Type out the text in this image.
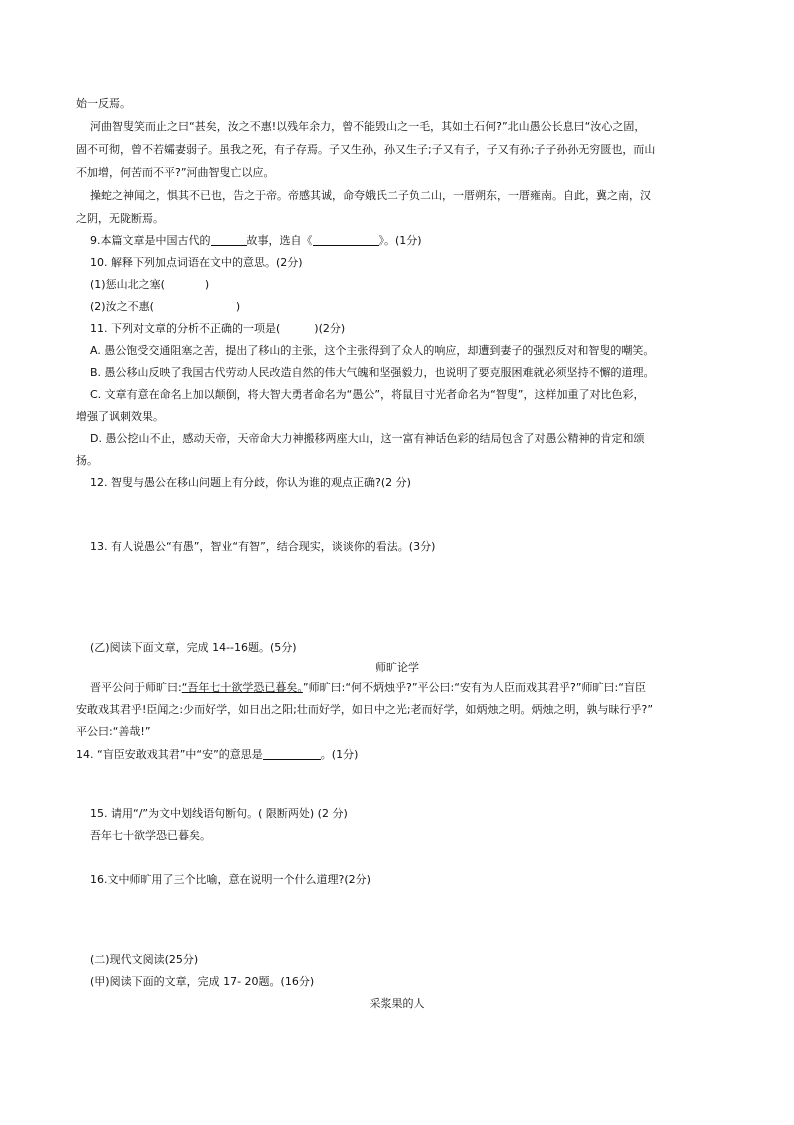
始一反焉。
河曲智叟笑而止之曰“甚矣，汝之不惠!以残年余力，曾不能毁山之一毛，其如土石何?”北山愚公长息曰“汝心之固，
固不可彻，曾不若孀妻弱子。虽我之死，有子存焉。子又生孙，孙又生子;子又有子，子又有孙;子子孙孙无穷匮也，而山
不加增，何苦而不平?”河曲智叟亡以应。
操蛇之神闻之，惧其不已也，告之于帝。帝感其诚，命夸娥氏二子负二山，一厝朔东，一厝雍南。自此，冀之南，汉
之阴，无陇断焉。
9.本篇文章是中国古代的	故事，选自《	》。(1分)
10. 解释下列加点词语在文中的意思。(2分)
(1)惩山北之塞(	)
(2)汝之不惠(	)
11. 下列对文章的分析不正确的一项是(	)(2分)
A. 愚公饱受交通阻塞之苦，提出了移山的主张，这个主张得到了众人的响应，却遭到妻子的强烈反对和智叟的嘲笑。
B. 愚公移山反映了我国古代劳动人民改造自然的伟大气魄和坚强毅力，也说明了要克服困难就必须坚持不懈的道理。
C. 文章有意在命名上加以颠倒，将大智大勇者命名为“愚公”，将鼠目寸光者命名为“智叟”，这样加重了对比色彩，
增强了讽刺效果。
D. 愚公挖山不止，感动天帝，天帝命大力神搬移两座大山，这一富有神话色彩的结局包含了对愚公精神的肯定和颂
扬。
12. 智叟与愚公在移山问题上有分歧，你认为谁的观点正确?(2 分)
13. 有人说愚公“有愚”，智业“有智”，结合现实，谈谈你的看法。(3分)
(乙)阅读下面文章，完成 14--16题。(5分)
师旷论学
晋平公问于师旷曰:“吾年七十欲学恐已暮矣。”师旷曰:“何不炳烛乎?”平公曰:“安有为人臣而戏其君乎?”师旷曰:“盲臣
安敢戏其君乎!臣闻之:少而好学，如日出之阳;壮而好学，如日中之光;老而好学，如炳烛之明。炳烛之明，孰与昧行乎?”
平公曰:“善哉!”
14. “盲臣安敢戏其君”中“安”的意思是	。(1分)
15. 请用“/”为文中划线语句断句。( 限断两处) (2 分)
吾年七十欲学恐已暮矣。
16.文中师旷用了三个比喻，意在说明一个什么道理?(2分)
(二)现代文阅读(25分)
(甲)阅读下面的文章，完成 17- 20题。(16分)
采浆果的人
